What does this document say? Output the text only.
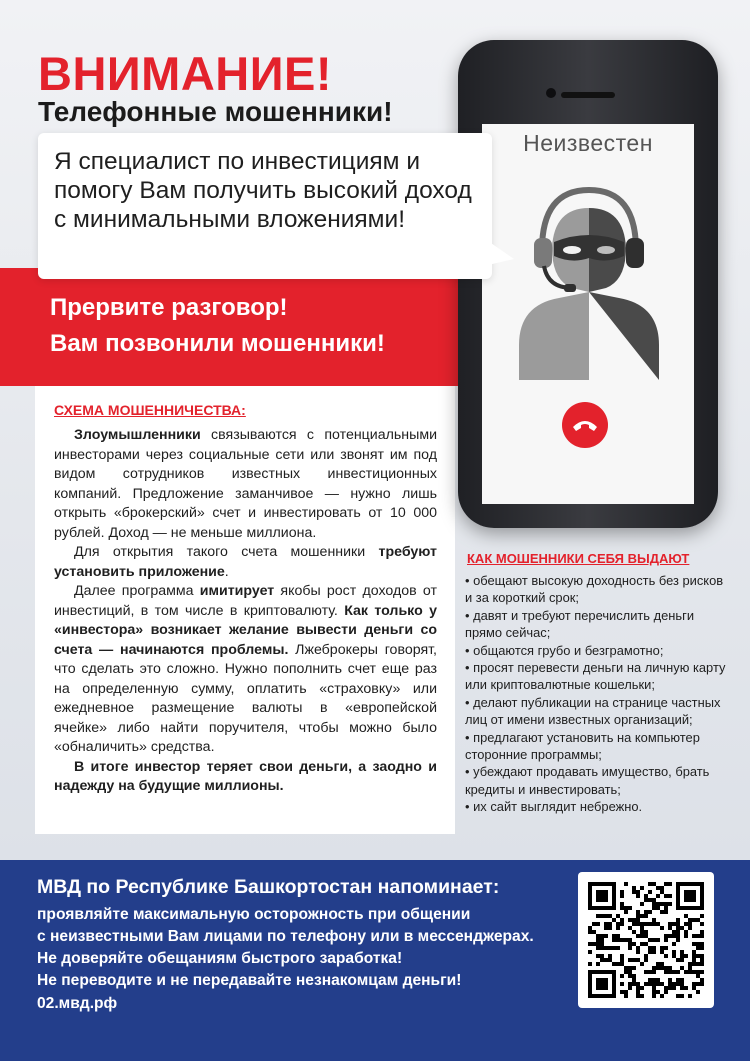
ВНИМАНИЕ!
Телефонные мошенники!
Неизвестен
Прервите разговор!
Вам позвонили мошенники!
Я специалист по инвестициям и помогу Вам получить высокий доход с минимальными вложениями!
СХЕМА МОШЕННИЧЕСТВА:

Злоумышленники связываются с потенциальными инвесторами через социальные сети или звонят им под видом сотрудников известных инвестиционных компаний. Предложение заманчивое — нужно лишь открыть «брокерский» счет и инвестировать от 10 000 рублей. Доход — не меньше миллиона.

Для открытия такого счета мошенники требуют установить приложение.

Далее программа имитирует якобы рост доходов от инвестиций, в том числе в криптовалюту. Как только у «инвестора» возникает желание вывести деньги со счета — начинаются проблемы. Лжеброкеры говорят, что сделать это сложно. Нужно пополнить счет еще раз на определенную сумму, оплатить «страховку» или ежедневное размещение валюты в «европейской ячейке» либо найти поручителя, чтобы можно было «обналичить» средства.

В итоге инвестор теряет свои деньги, а заодно и надежду на будущие миллионы.

КАК МОШЕННИКИ СЕБЯ ВЫДАЮТ
• обещают высокую доходность без рисков и за короткий срок;
• давят и требуют перечислить деньги прямо сейчас;
• общаются грубо и безграмотно;
• просят перевести деньги на личную карту или криптовалютные кошельки;
• делают публикации на странице частных лиц от имени известных организаций;
• предлагают установить на компьютер сторонние программы;
• убеждают продавать имущество, брать кредиты и инвестировать;
• их сайт выглядит небрежно.
МВД по Республике Башкортостан напоминает:
проявляйте максимальную осторожность при общении
с неизвестными Вам лицами по телефону или в мессенджерах.
Не доверяйте обещаниям быстрого заработка!
Не переводите и не передавайте незнакомцам деньги!
02.мвд.рф
